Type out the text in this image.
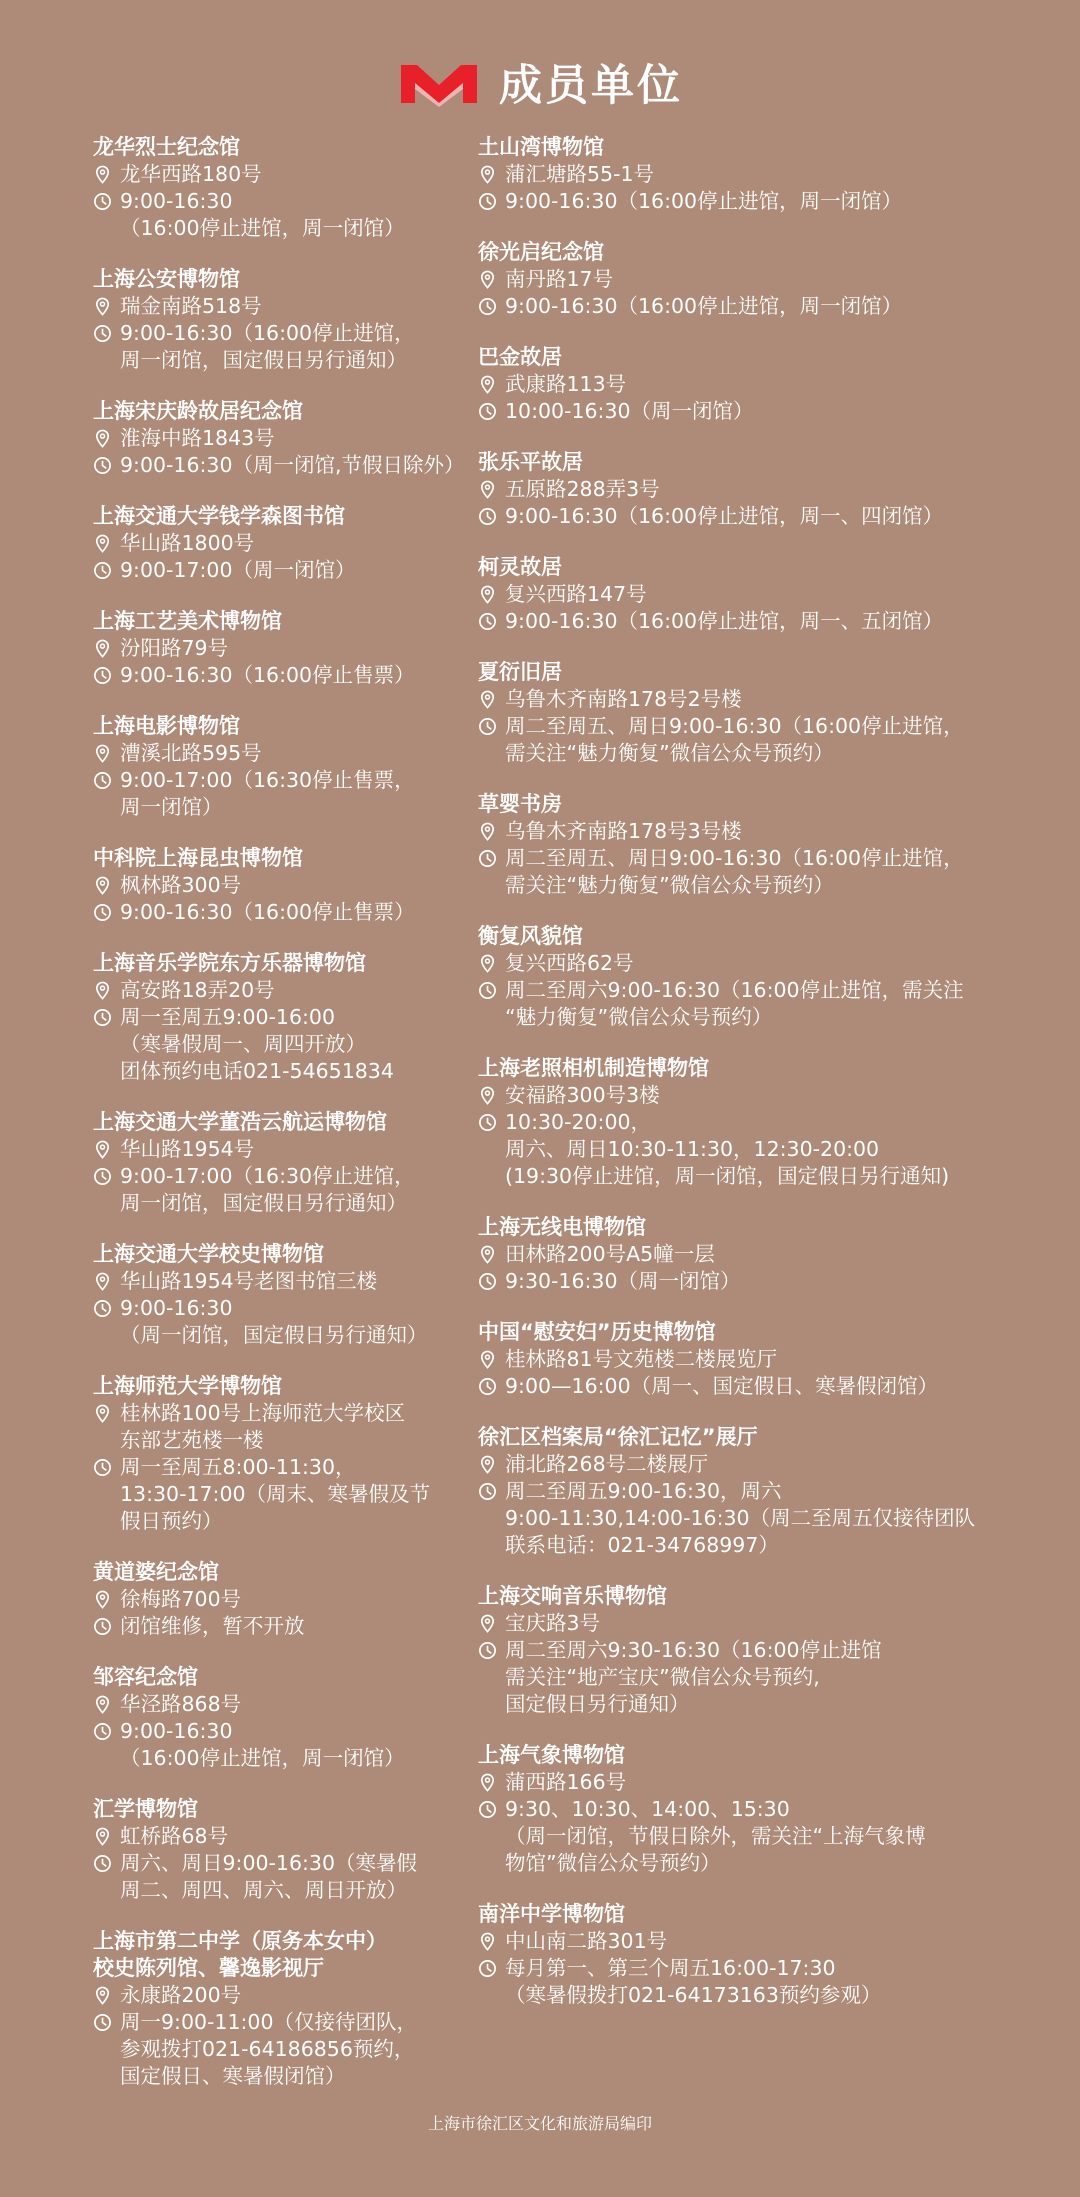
成员单位
龙华烈士纪念馆
龙华西路180号
9:00-16:30
（16:00停止进馆，周一闭馆）
上海公安博物馆
瑞金南路518号
9:00-16:30（16:00停止进馆，
周一闭馆，国定假日另行通知）
上海宋庆龄故居纪念馆
淮海中路1843号
9:00-16:30（周一闭馆,节假日除外）
上海交通大学钱学森图书馆
华山路1800号
9:00-17:00（周一闭馆）
上海工艺美术博物馆
汾阳路79号
9:00-16:30（16:00停止售票）
上海电影博物馆
漕溪北路595号
9:00-17:00（16:30停止售票，
周一闭馆）
中科院上海昆虫博物馆
枫林路300号
9:00-16:30（16:00停止售票）
上海音乐学院东方乐器博物馆
高安路18弄20号
周一至周五9:00-16:00
（寒暑假周一、周四开放）
团体预约电话021-54651834
上海交通大学董浩云航运博物馆
华山路1954号
9:00-17:00（16:30停止进馆，
周一闭馆，国定假日另行通知）
上海交通大学校史博物馆
华山路1954号老图书馆三楼
9:00-16:30
（周一闭馆，国定假日另行通知）
上海师范大学博物馆
桂林路100号上海师范大学校区
东部艺苑楼一楼
周一至周五8:00-11:30，
13:30-17:00（周末、寒暑假及节
假日预约）
黄道婆纪念馆
徐梅路700号
闭馆维修，暂不开放
邹容纪念馆
华泾路868号
9:00-16:30
（16:00停止进馆，周一闭馆）
汇学博物馆
虹桥路68号
周六、周日9:00-16:30（寒暑假
周二、周四、周六、周日开放）
上海市第二中学（原务本女中）
校史陈列馆、馨逸影视厅
永康路200号
周一9:00-11:00（仅接待团队，
参观拨打021-64186856预约，
国定假日、寒暑假闭馆）
土山湾博物馆
蒲汇塘路55-1号
9:00-16:30（16:00停止进馆，周一闭馆）
徐光启纪念馆
南丹路17号
9:00-16:30（16:00停止进馆，周一闭馆）
巴金故居
武康路113号
10:00-16:30（周一闭馆）
张乐平故居
五原路288弄3号
9:00-16:30（16:00停止进馆，周一、四闭馆）
柯灵故居
复兴西路147号
9:00-16:30（16:00停止进馆，周一、五闭馆）
夏衍旧居
乌鲁木齐南路178号2号楼
周二至周五、周日9:00-16:30（16:00停止进馆，
需关注“魅力衡复”微信公众号预约）
草婴书房
乌鲁木齐南路178号3号楼
周二至周五、周日9:00-16:30（16:00停止进馆，
需关注“魅力衡复”微信公众号预约）
衡复风貌馆
复兴西路62号
周二至周六9:00-16:30（16:00停止进馆，需关注
“魅力衡复”微信公众号预约）
上海老照相机制造博物馆
安福路300号3楼
10:30-20:00，
周六、周日10:30-11:30，12:30-20:00
(19:30停止进馆，周一闭馆，国定假日另行通知)
上海无线电博物馆
田林路200号A5幢一层
9:30-16:30（周一闭馆）
中国“慰安妇”历史博物馆
桂林路81号文苑楼二楼展览厅
9:00—16:00（周一、国定假日、寒暑假闭馆）
徐汇区档案局“徐汇记忆”展厅
浦北路268号二楼展厅
周二至周五9:00-16:30，周六
9:00-11:30,14:00-16:30（周二至周五仅接待团队
联系电话：021-34768997）
上海交响音乐博物馆
宝庆路3号
周二至周六9:30-16:30（16:00停止进馆
需关注“地产宝庆”微信公众号预约,
国定假日另行通知）
上海气象博物馆
蒲西路166号
9:30、10:30、14:00、15:30
（周一闭馆，节假日除外，需关注“上海气象博
物馆”微信公众号预约）
南洋中学博物馆
中山南二路301号
每月第一、第三个周五16:00-17:30
（寒暑假拨打021-64173163预约参观）
上海市徐汇区文化和旅游局编印
